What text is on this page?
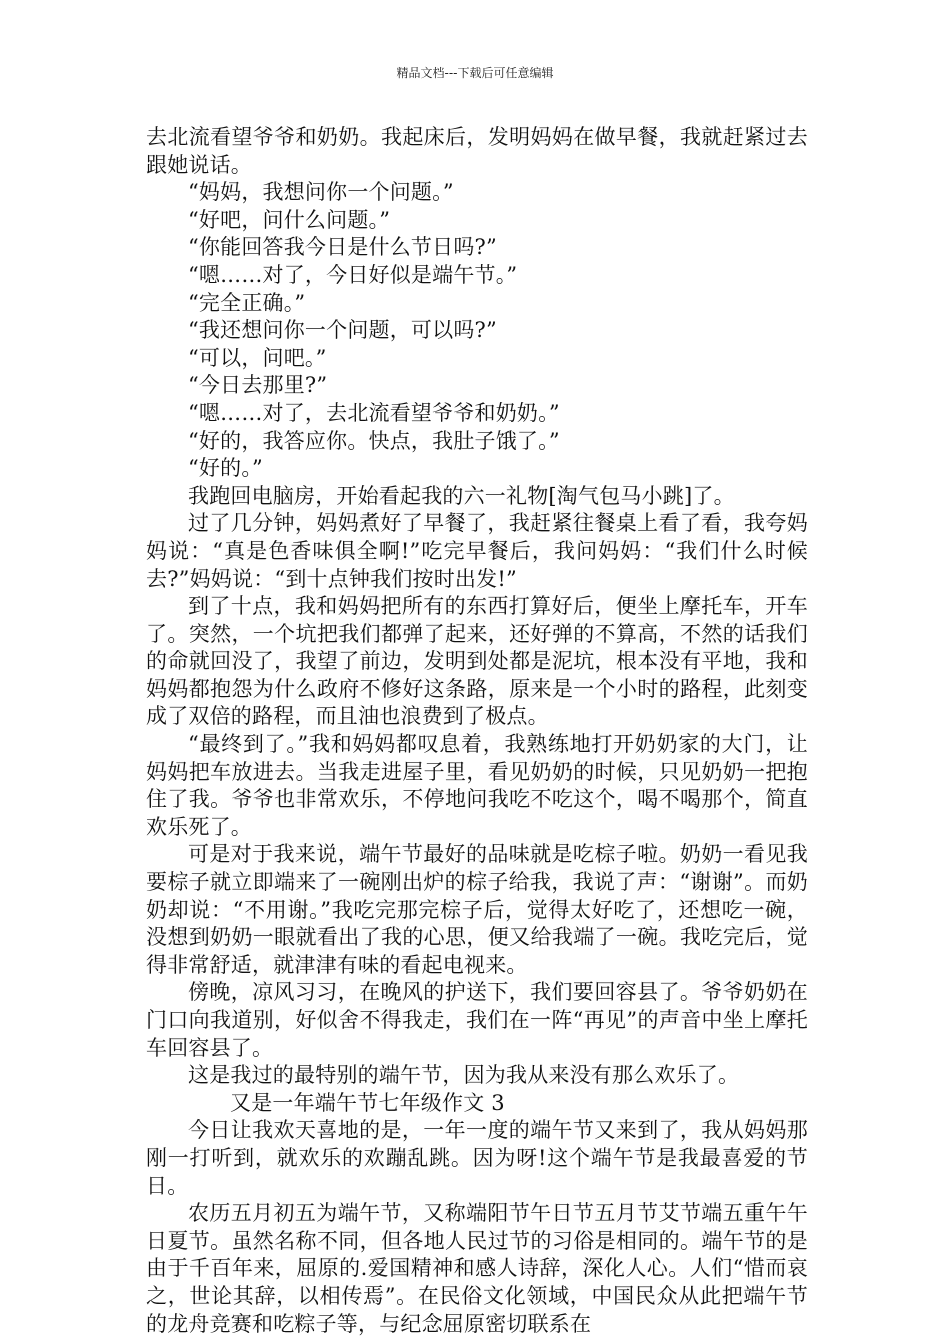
精品文档---下载后可任意编辑

去北流看望爷爷和奶奶。我起床后，发明妈妈在做早餐，我就赶紧过去跟她说话。

“妈妈，我想问你一个问题。”

“好吧，问什么问题。”

“你能回答我今日是什么节日吗?”

“嗯……对了，今日好似是端午节。”

“完全正确。”

“我还想问你一个问题，可以吗?”

“可以，问吧。”

“今日去那里?”

“嗯……对了，去北流看望爷爷和奶奶。”

“好的，我答应你。快点，我肚子饿了。”

“好的。”

我跑回电脑房，开始看起我的六一礼物[淘气包马小跳]了。

过了几分钟，妈妈煮好了早餐了，我赶紧往餐桌上看了看，我夸妈妈说：“真是色香味俱全啊!”吃完早餐后，我问妈妈：“我们什么时候去?”妈妈说：“到十点钟我们按时出发!”

到了十点，我和妈妈把所有的东西打算好后，便坐上摩托车，开车了。突然，一个坑把我们都弹了起来，还好弹的不算高，不然的话我们的命就回没了，我望了前边，发明到处都是泥坑，根本没有平地，我和妈妈都抱怨为什么政府不修好这条路，原来是一个小时的路程，此刻变成了双倍的路程，而且油也浪费到了极点。

“最终到了。”我和妈妈都叹息着，我熟练地打开奶奶家的大门，让妈妈把车放进去。当我走进屋子里，看见奶奶的时候，只见奶奶一把抱住了我。爷爷也非常欢乐，不停地问我吃不吃这个，喝不喝那个，简直欢乐死了。

可是对于我来说，端午节最好的品味就是吃棕子啦。奶奶一看见我要棕子就立即端来了一碗刚出炉的棕子给我，我说了声：“谢谢”。而奶奶却说：“不用谢。”我吃完那完棕子后，觉得太好吃了，还想吃一碗，没想到奶奶一眼就看出了我的心思，便又给我端了一碗。我吃完后，觉得非常舒适，就津津有味的看起电视来。

傍晚，凉风习习，在晚风的护送下，我们要回容县了。爷爷奶奶在门口向我道别，好似舍不得我走，我们在一阵“再见”的声音中坐上摩托车回容县了。

这是我过的最特别的端午节，因为我从来没有那么欢乐了。

又是一年端午节七年级作文 3

今日让我欢天喜地的是，一年一度的端午节又来到了，我从妈妈那刚一打听到，就欢乐的欢蹦乱跳。因为呀!这个端午节是我最喜爱的节日。

农历五月初五为端午节，又称端阳节午日节五月节艾节端五重午午日夏节。虽然名称不同，但各地人民过节的习俗是相同的。端午节的是由于千百年来，屈原的.爱国精神和感人诗辞，深化人心。人们“惜而哀之，世论其辞，以相传焉”。在民俗文化领域，中国民众从此把端午节的龙舟竞赛和吃粽子等，与纪念屈原密切联系在
